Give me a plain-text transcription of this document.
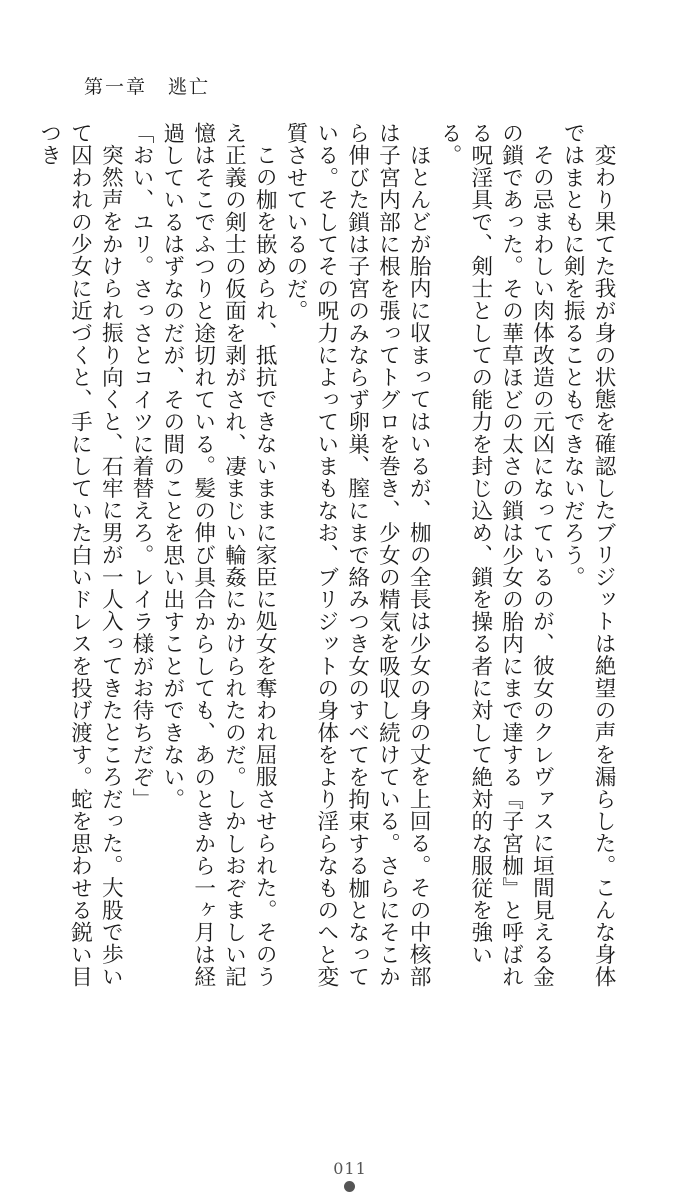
第一章　逃亡

変わり果てた我が身の状態を確認したブリジットは絶望の声を漏らした。こんな身体ではまともに剣を振ることもできないだろう。

その忌まわしい肉体改造の元凶になっているのが、彼女のクレヴァスに垣間見える金の鎖であった。その華草ほどの太さの鎖は少女の胎内にまで達する『子宮枷』と呼ばれる呪淫具で、剣士としての能力を封じ込め、鎖を操る者に対して絶対的な服従を強いる。

ほとんどが胎内に収まってはいるが、枷の全長は少女の身の丈を上回る。その中核部は子宮内部に根を張ってトグロを巻き、少女の精気を吸収し続けている。さらにそこから伸びた鎖は子宮のみならず卵巣、膣にまで絡みつき女のすべてを拘束する枷となっている。そしてその呪力によっていまもなお、ブリジットの身体をより淫らなものへと変質させているのだ。

この枷を嵌められ、抵抗できないままに家臣に処女を奪われ屈服させられた。そのうえ正義の剣士の仮面を剥がされ、凄まじい輪姦にかけられたのだ。しかしおぞましい記憶はそこでふつりと途切れている。髪の伸び具合からしても、あのときから一ヶ月は経過しているはずなのだが、その間のことを思い出すことができない。

「おい、ユリ。さっさとコイツに着替えろ。レイラ様がお待ちだぞ」

突然声をかけられ振り向くと、石牢に男が一人入ってきたところだった。大股で歩いて囚われの少女に近づくと、手にしていた白いドレスを投げ渡す。蛇を思わせる鋭い目つき

011
